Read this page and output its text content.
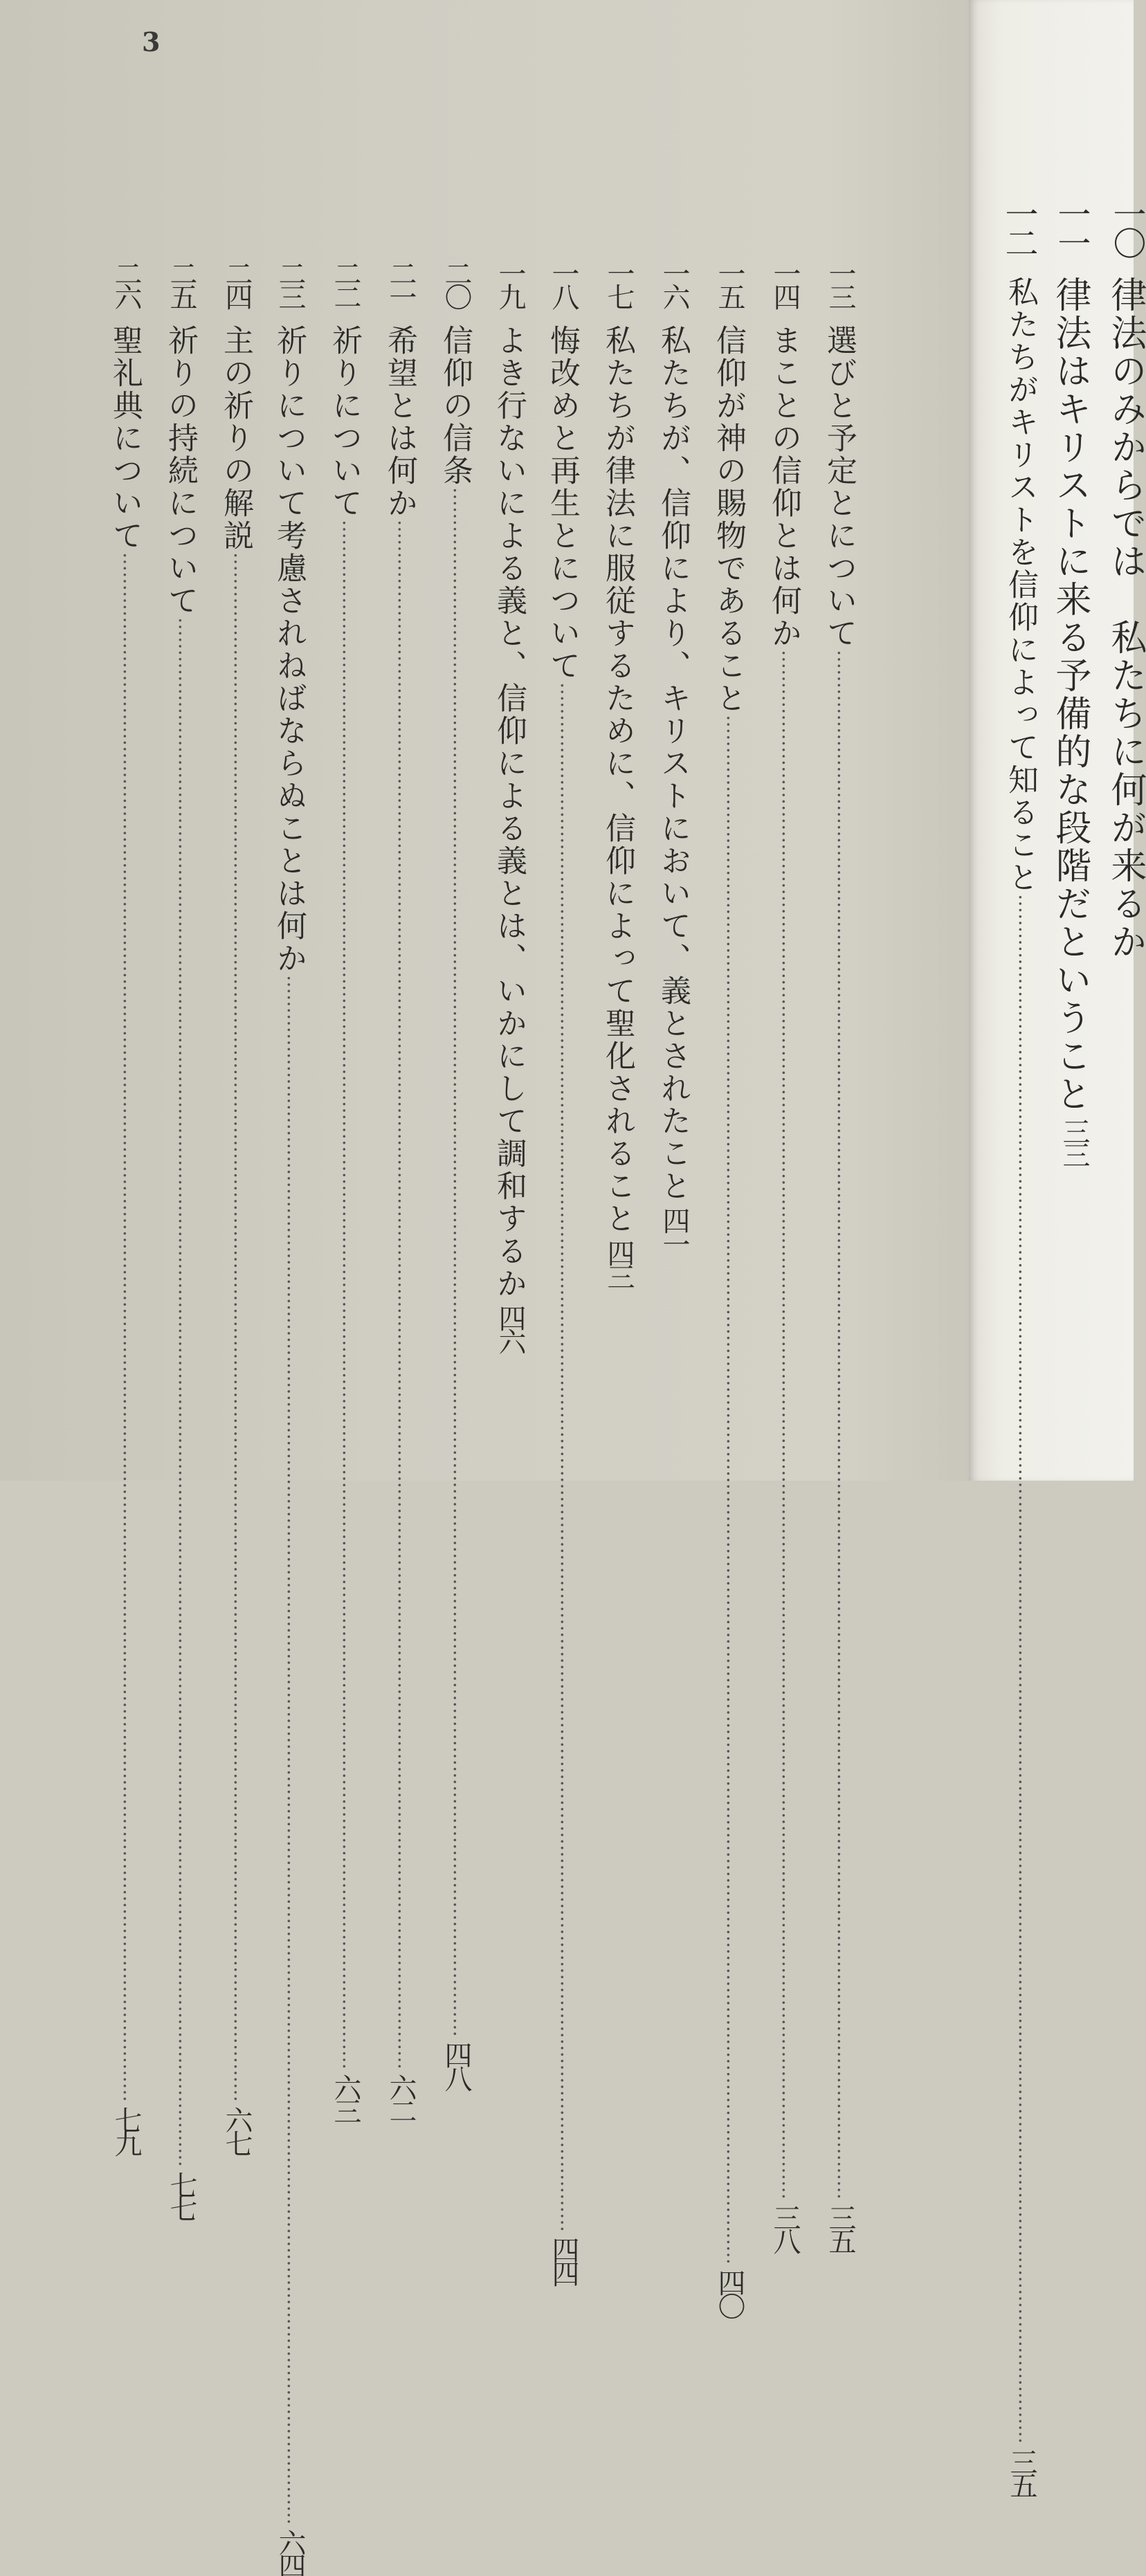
3
一三
選びと予定とについて
……………………………………………………………………………………………………………………………………………………………………………………………………………………
三五
一四
まことの信仰とは何か
……………………………………………………………………………………………………………………………………………………………………………………………………………………
三八
一五
信仰が神の賜物であること
……………………………………………………………………………………………………………………………………………………………………………………………………………………
四〇
一六
私たちが、信仰により、キリストにおいて、義とされたこと
四一
一七
私たちが律法に服従するために、信仰によって聖化されること
四三
一八
悔改めと再生とについて
……………………………………………………………………………………………………………………………………………………………………………………………………………………
四四
一九
よき行ないによる義と、信仰による義とは、いかにして調和するか
四六
二〇
信仰の信条
……………………………………………………………………………………………………………………………………………………………………………………………………………………
四八
二一
希望とは何か
……………………………………………………………………………………………………………………………………………………………………………………………………………………
六二
二二
祈りについて
……………………………………………………………………………………………………………………………………………………………………………………………………………………
六三
二三
祈りについて考慮されねばならぬことは何か
……………………………………………………………………………………………………………………………………………………………………………………………………………………
六四
二四
主の祈りの解説
……………………………………………………………………………………………………………………………………………………………………………………………………………………
六七
二五
祈りの持続について
……………………………………………………………………………………………………………………………………………………………………………………………………………………
七七
二六
聖礼典について
……………………………………………………………………………………………………………………………………………………………………………………………………………………
七九
一〇
律法のみからでは　私たちに何が来るか
一一
律法はキリストに来る予備的な段階だということ
三三
一二
私たちがキリストを信仰によって知ること
……………………………………………………………………………………………………………………………………………………………………………………………………………………
三五
